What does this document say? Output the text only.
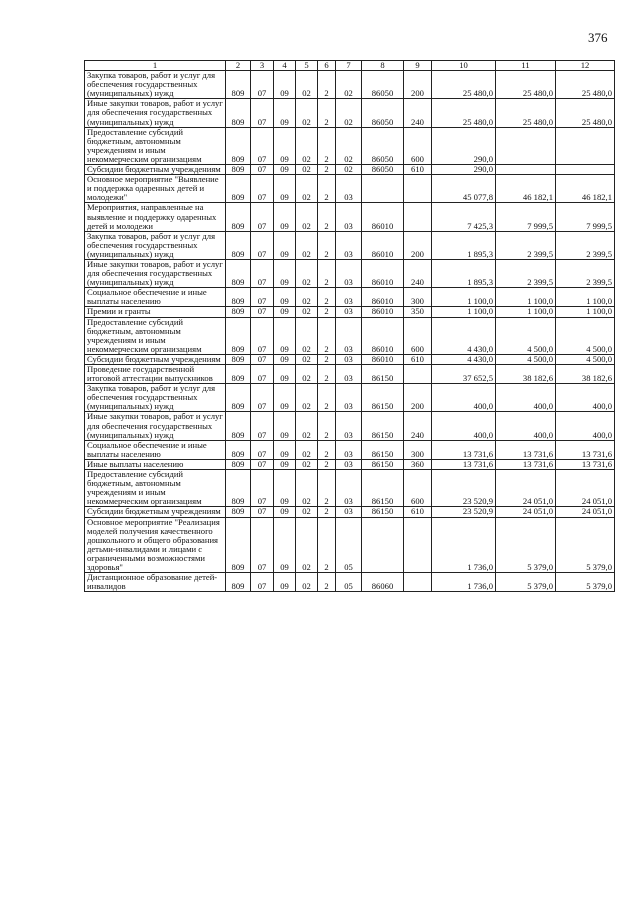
376
1	2	3	4	5	6	7	8	9	10	11	12
Закупка товаров, работ и услуг для обеспечения государственных (муниципальных) нужд	809	07	09	02	2	02	86050	200	25 480,0	25 480,0	25 480,0
Иные закупки товаров, работ и услуг для обеспечения государственных (муниципальных) нужд	809	07	09	02	2	02	86050	240	25 480,0	25 480,0	25 480,0
Предоставление субсидий бюджетным, автономным учреждениям и иным некоммерческим организациям	809	07	09	02	2	02	86050	600	290,0		
Субсидии бюджетным учреждениям	809	07	09	02	2	02	86050	610	290,0		
Основное мероприятие "Выявление и поддержка одаренных детей и молодежи"	809	07	09	02	2	03			45 077,8	46 182,1	46 182,1
Мероприятия, направленные на выявление и поддержку одаренных детей и молодежи	809	07	09	02	2	03	86010		7 425,3	7 999,5	7 999,5
Закупка товаров, работ и услуг для обеспечения государственных (муниципальных) нужд	809	07	09	02	2	03	86010	200	1 895,3	2 399,5	2 399,5
Иные закупки товаров, работ и услуг для обеспечения государственных (муниципальных) нужд	809	07	09	02	2	03	86010	240	1 895,3	2 399,5	2 399,5
Социальное обеспечение и иные выплаты населению	809	07	09	02	2	03	86010	300	1 100,0	1 100,0	1 100,0
Премии и гранты	809	07	09	02	2	03	86010	350	1 100,0	1 100,0	1 100,0
Предоставление субсидий бюджетным, автономным учреждениям и иным некоммерческим организациям	809	07	09	02	2	03	86010	600	4 430,0	4 500,0	4 500,0
Субсидии бюджетным учреждениям	809	07	09	02	2	03	86010	610	4 430,0	4 500,0	4 500,0
Проведение государственной итоговой аттестации выпускников	809	07	09	02	2	03	86150		37 652,5	38 182,6	38 182,6
Закупка товаров, работ и услуг для обеспечения государственных (муниципальных) нужд	809	07	09	02	2	03	86150	200	400,0	400,0	400,0
Иные закупки товаров, работ и услуг для обеспечения государственных (муниципальных) нужд	809	07	09	02	2	03	86150	240	400,0	400,0	400,0
Социальное обеспечение и иные выплаты населению	809	07	09	02	2	03	86150	300	13 731,6	13 731,6	13 731,6
Иные выплаты населению	809	07	09	02	2	03	86150	360	13 731,6	13 731,6	13 731,6
Предоставление субсидий бюджетным, автономным учреждениям и иным некоммерческим организациям	809	07	09	02	2	03	86150	600	23 520,9	24 051,0	24 051,0
Субсидии бюджетным учреждениям	809	07	09	02	2	03	86150	610	23 520,9	24 051,0	24 051,0
Основное мероприятие "Реализация моделей получения качественного дошкольного и общего образования детьми-инвалидами и лицами с ограниченными возможностями здоровья"	809	07	09	02	2	05			1 736,0	5 379,0	5 379,0
Дистанционное образование детей-инвалидов	809	07	09	02	2	05	86060		1 736,0	5 379,0	5 379,0
